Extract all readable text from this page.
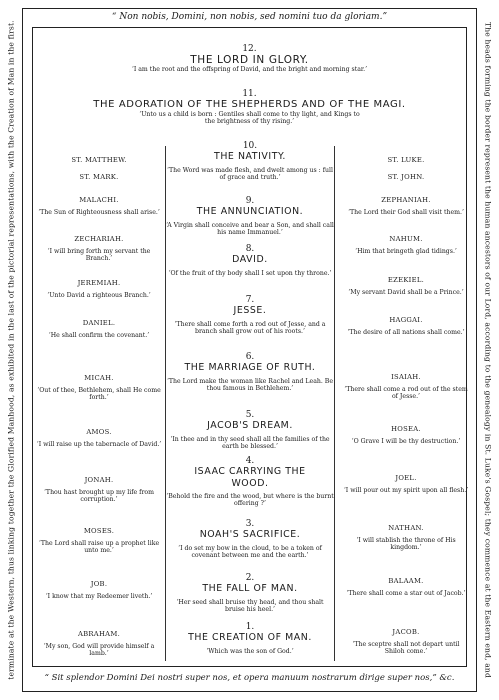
“ Non nobis, Domini, non nobis, sed nomini tuo da gloriam.”
“ Sit splendor Domini Dei nostri super nos, et opera manuum nostrarum dirige super nos,” &c.
terminate at the Western, thus linking together the Glorified Manhood, as exhibited in the last of the pictorial representations, with the Creation of Man in the first.	The heads forming the border represent the human ancestors of our Lord, according to the genealogy in St. Luke's Gospel; they commence at the Eastern end, and
12.
THE LORD IN GLORY.
‘I am the root and the offspring of David, and the bright and morning star.’
11.
THE ADORATION OF THE SHEPHERDS AND OF THE MAGI.
‘Unto us a child is born : Gentiles shall come to thy light, and Kings to the brightness of thy rising.’
ST. MATTHEW.
ST. MARK.
ST. LUKE.
ST. JOHN.
10.
THE NATIVITY.
‘The Word was made flesh, and dwelt among us : full of grace and truth.’
9.
THE ANNUNCIATION.
‘A Virgin shall conceive and bear a Son, and shall call his name Immanuel.’
8.
DAVID.
‘Of the fruit of thy body shall I set upon thy throne.’
7.
JESSE.
‘There shall come forth a rod out of Jesse, and a branch shall grow out of his roots.’
6.
THE MARRIAGE OF RUTH.
‘The Lord make the woman like Rachel and Leah. Be thou famous in Bethlehem.’
5.
JACOB'S DREAM.
‘In thee and in thy seed shall all the families of the earth be blessed.’
4.
ISAAC CARRYING THE WOOD.
‘Behold the fire and the wood, but where is the burnt offering ?’
3.
NOAH'S SACRIFICE.
‘I do set my bow in the cloud, to be a token of covenant between me and the earth.’
2.
THE FALL OF MAN.
‘Her seed shall bruise thy head, and thou shalt bruise his heel.’
1.
THE CREATION OF MAN.
‘Which was the son of God.’
MALACHI.
‘The Sun of Righteousness shall arise.’
ZECHARIAH.
‘I will bring forth my servant the Branch.’
JEREMIAH.
‘Unto David a righteous Branch.’
DANIEL.
‘He shall confirm the covenant.’
MICAH.
‘Out of thee, Bethlehem, shall He come forth.’
AMOS.
‘I will raise up the tabernacle of David.’
JONAH.
‘Thou hast brought up my life from corruption.’
MOSES.
‘The Lord shall raise up a prophet like unto me.’
JOB.
‘I know that my Redeemer liveth.’
ABRAHAM.
‘My son, God will provide himself a lamb.’
ZEPHANIAH.
‘The Lord their God shall visit them.’
NAHUM.
‘Him that bringeth glad tidings.’
EZEKIEL.
‘My servant David shall be a Prince.’
HAGGAI.
‘The desire of all nations shall come.’
ISAIAH.
‘There shall come a rod out of the stem of Jesse.’
HOSEA.
‘O Grave I will be thy destruction.’
JOEL.
‘I will pour out my spirit upon all flesh.’
NATHAN.
‘I will stablish the throne of His kingdom.’
BALAAM.
‘There shall come a star out of Jacob.’
JACOB.
‘The sceptre shall not depart until Shiloh come.’
